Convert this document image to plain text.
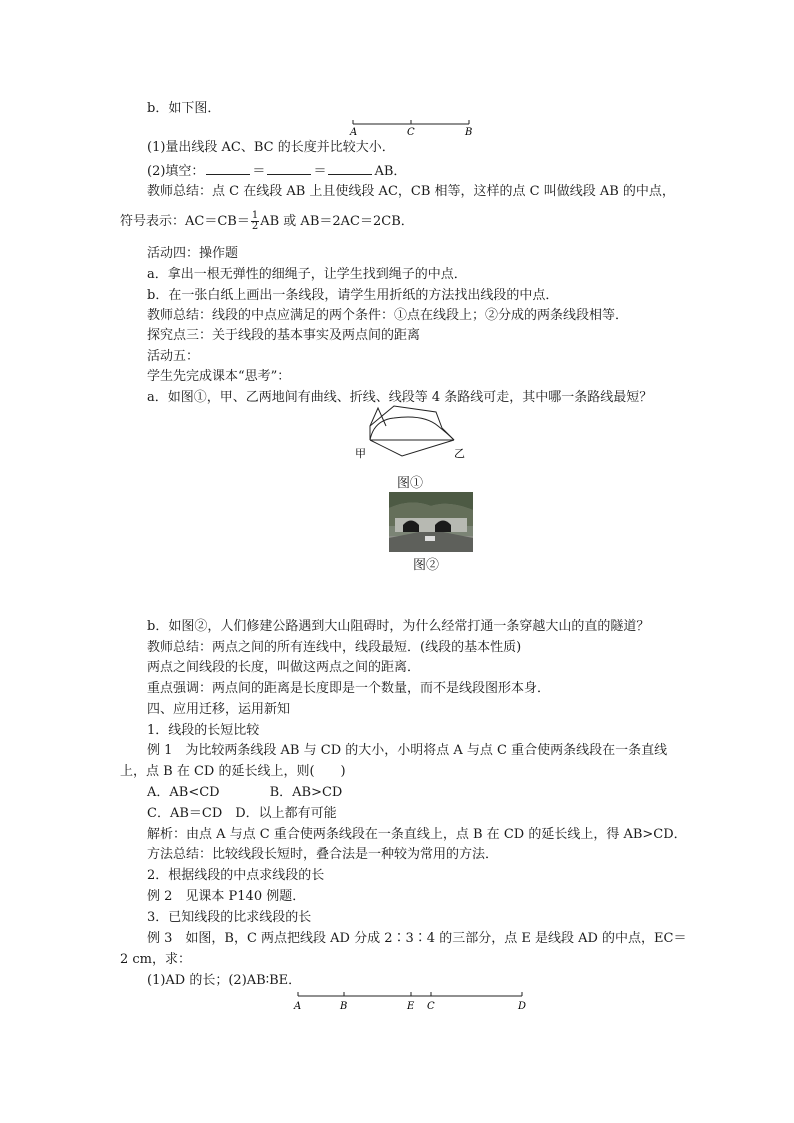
b．如下图．
A	C	B
(1)量出线段 AC、BC 的长度并比较大小．
(2)填空：	＝	＝	AB．
教师总结：点 C 在线段 AB 上且使线段 AC，CB 相等，这样的点 C 叫做线段 AB 的中点，
符号表示：$AC=CB= \frac{1}{2}$ AB 或 AB＝2AC＝2CB．
活动四：操作题
a．拿出一根无弹性的细绳子，让学生找到绳子的中点．
b．在一张白纸上画出一条线段，请学生用折纸的方法找出线段的中点．
教师总结：线段的中点应满足的两个条件：①点在线段上；②分成的两条线段相等．
探究点三：关于线段的基本事实及两点间的距离
活动五：
学生先完成课本“思考”：
a．如图①，甲、乙两地间有曲线、折线、线段等 4 条路线可走，其中哪一条路线最短？
甲	乙
图①
图②
b．如图②，人们修建公路遇到大山阻碍时，为什么经常打通一条穿越大山的直的隧道？
教师总结：两点之间的所有连线中，线段最短．(线段的基本性质)
两点之间线段的长度，叫做这两点之间的距离．
重点强调：两点间的距离是长度即是一个数量，而不是线段图形本身．
四、应用迁移，运用新知
1．线段的长短比较
例 1　为比较两条线段 AB 与 CD 的大小，小明将点 A 与点 C 重合使两条线段在一条直线
上，点 B 在 CD 的延长线上，则(　　)
A．AB<CD	B．AB>CD
C．AB＝CD　D．以上都有可能
解析：由点 A 与点 C 重合使两条线段在一条直线上，点 B 在 CD 的延长线上，得 AB>CD．
方法总结：比较线段长短时，叠合法是一种较为常用的方法．
2．根据线段的中点求线段的长
例 2　见课本 P140 例题．
3．已知线段的比求线段的长
例 3　如图，B，C 两点把线段 AD 分成 2∶3∶4 的三部分，点 E 是线段 AD 的中点，EC＝
2 cm，求：
(1)AD 的长；(2)AB∶BE．
A	B	E C	D
